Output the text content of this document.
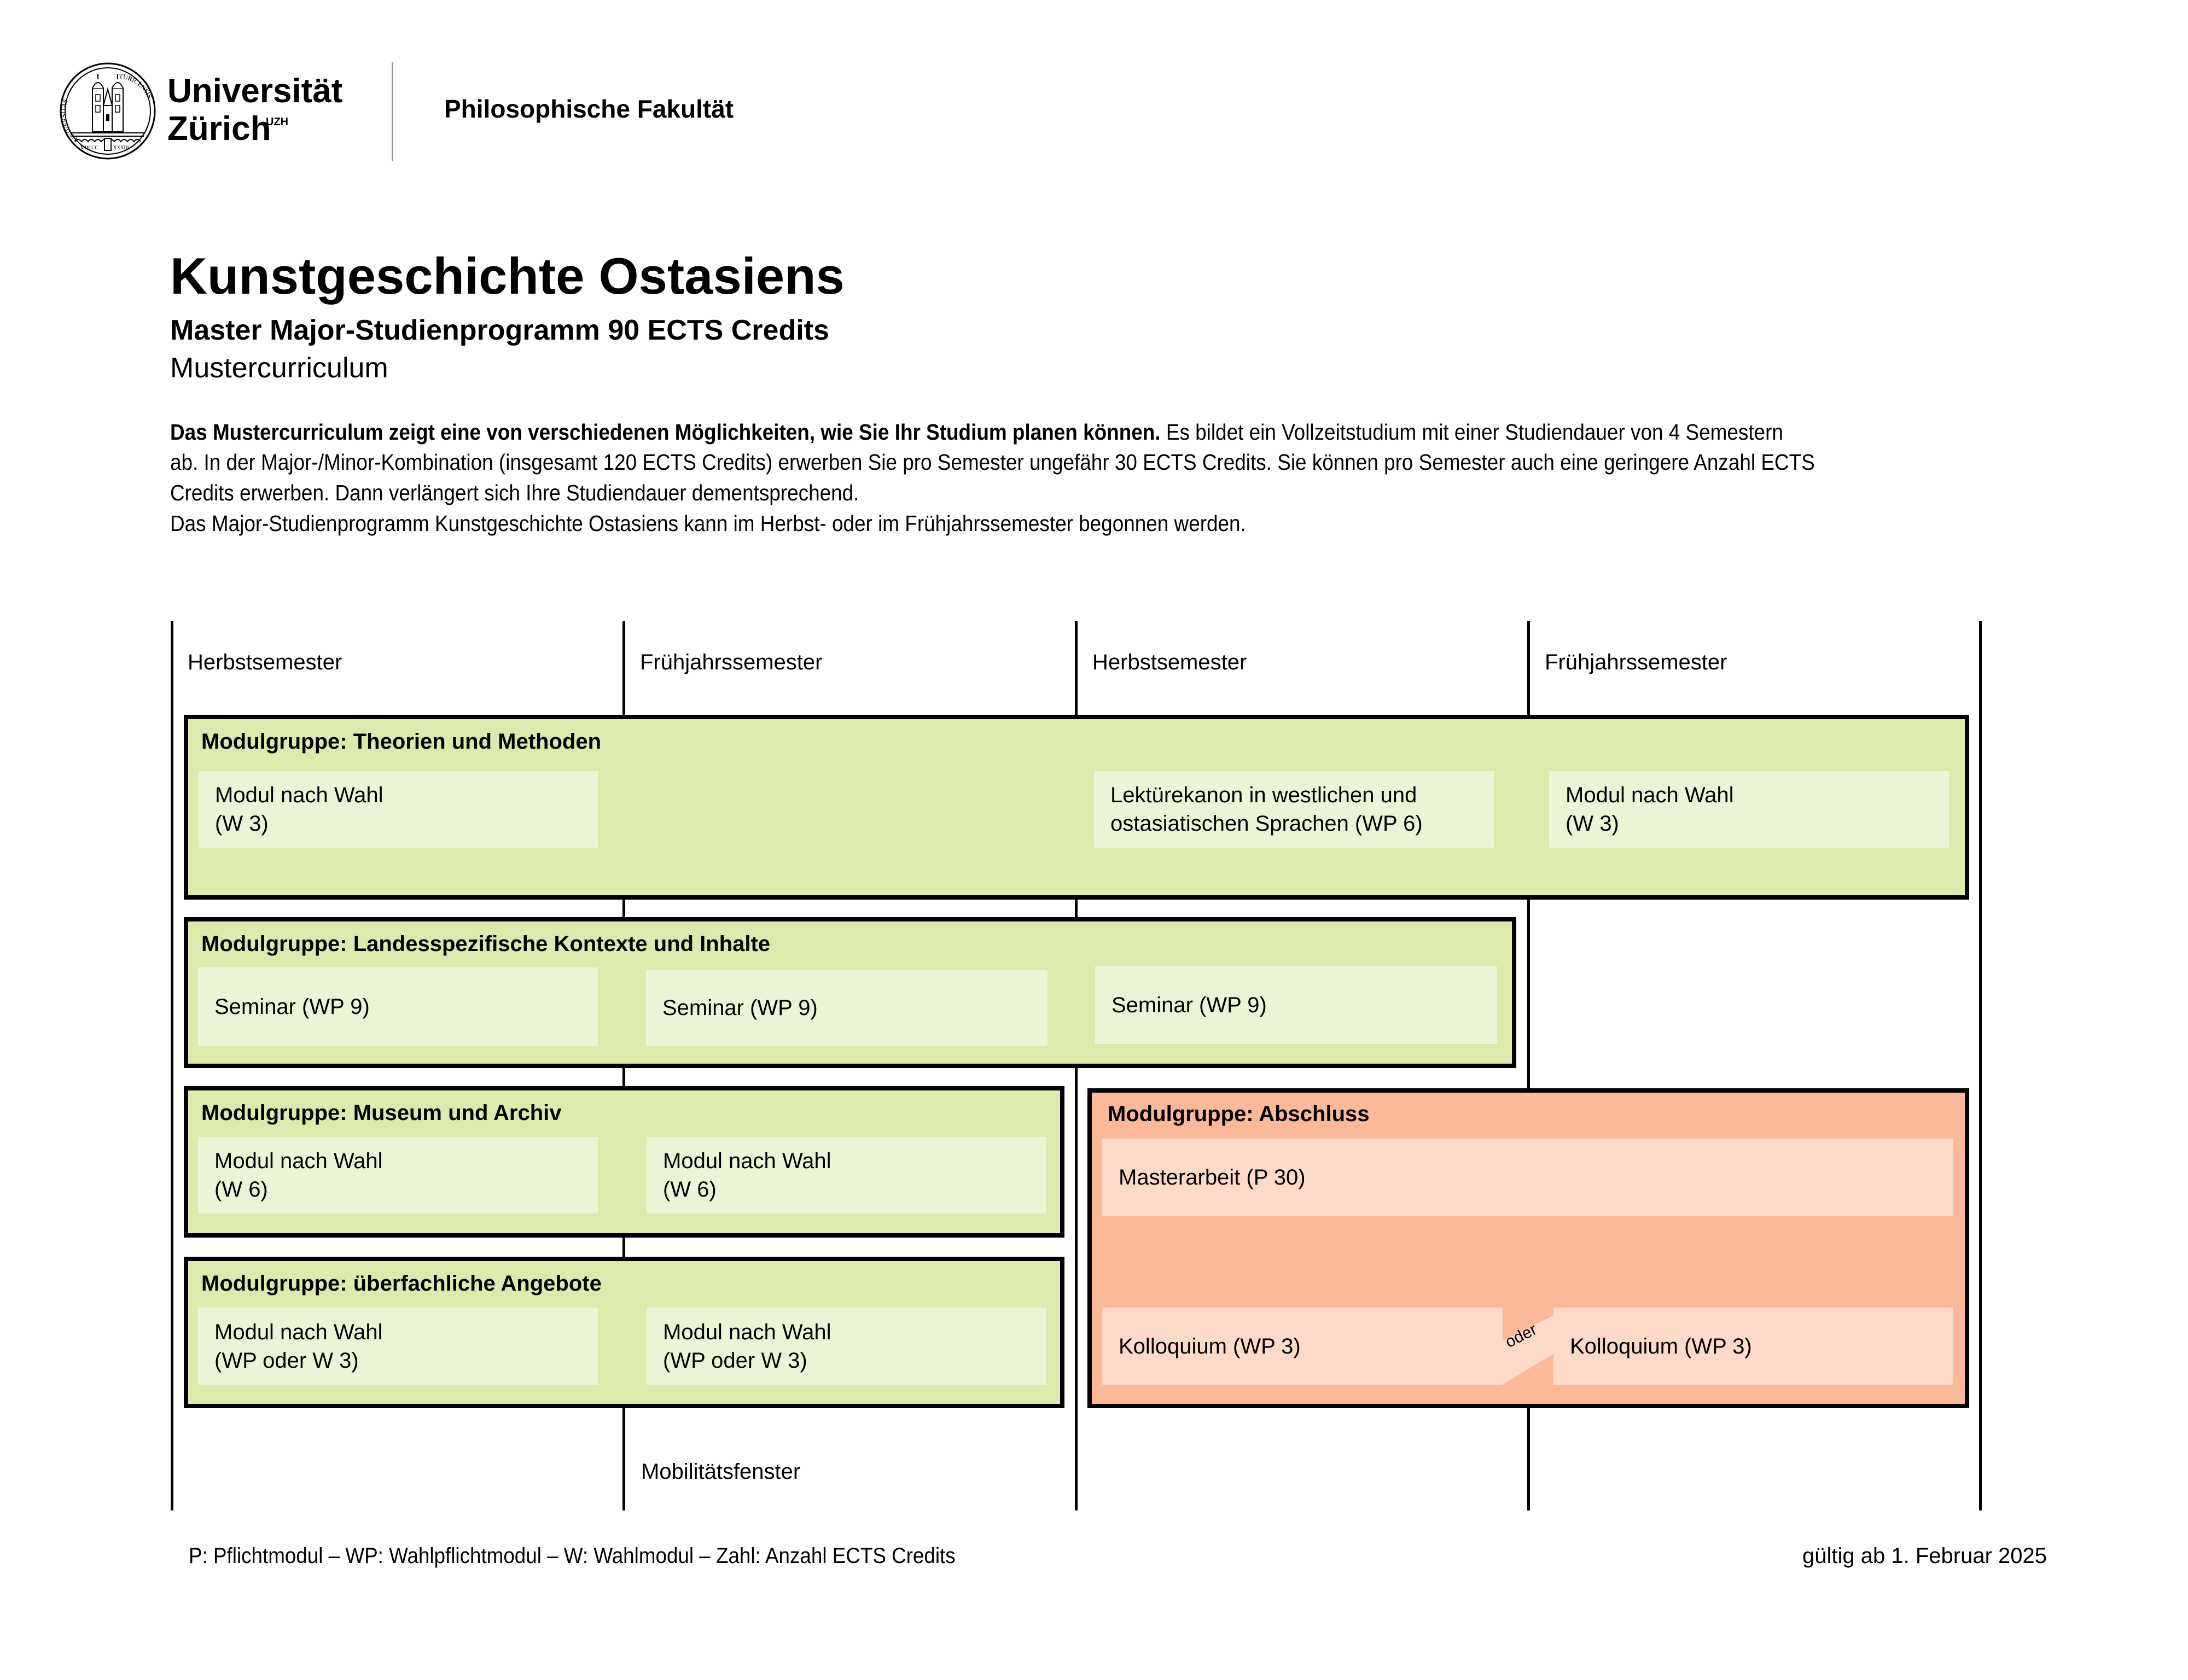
MDCCC	XXXIII
UNIVERSITAS
TURICENSIS Universität
Zürich
UZH	Philosophische Fakultät
Kunstgeschichte Ostasiens
Master Major-Studienprogramm 90 ECTS Credits
Mustercurriculum
Das Mustercurriculum zeigt eine von verschiedenen Möglichkeiten, wie Sie Ihr Studium planen können. Es bildet ein Vollzeitstudium mit einer Studiendauer von 4 Semestern
ab. In der Major-/Minor-Kombination (insgesamt 120 ECTS Credits) erwerben Sie pro Semester ungefähr 30 ECTS Credits. Sie können pro Semester auch eine geringere Anzahl ECTS
Credits erwerben. Dann verlängert sich Ihre Studiendauer dementsprechend.
Das Major-Studienprogramm Kunstgeschichte Ostasiens kann im Herbst- oder im Frühjahrssemester begonnen werden.
Herbstsemester	Frühjahrssemester	Herbstsemester	Frühjahrssemester
Modulgruppe: Theorien und Methoden
Modul nach Wahl
(W 3)
Lektürekanon in westlichen und
ostasiatischen Sprachen (WP 6)
Modul nach Wahl
(W 3)
Modulgruppe: Landesspezifische Kontexte und Inhalte
Seminar (WP 9)	Seminar (WP 9)	Seminar (WP 9)
Modulgruppe: Museum und Archiv
Modul nach Wahl
(W 6)
Modul nach Wahl
(W 6)
Modulgruppe: überfachliche Angebote
Modul nach Wahl
(WP oder W 3)
Modul nach Wahl
(WP oder W 3)
Modulgruppe: Abschluss
Masterarbeit (P 30)
Kolloquium (WP 3)	oder Kolloquium (WP 3)
Mobilitätsfenster
P: Pflichtmodul – WP: Wahlpflichtmodul – W: Wahlmodul – Zahl: Anzahl ECTS Credits	gültig ab 1. Februar 2025
